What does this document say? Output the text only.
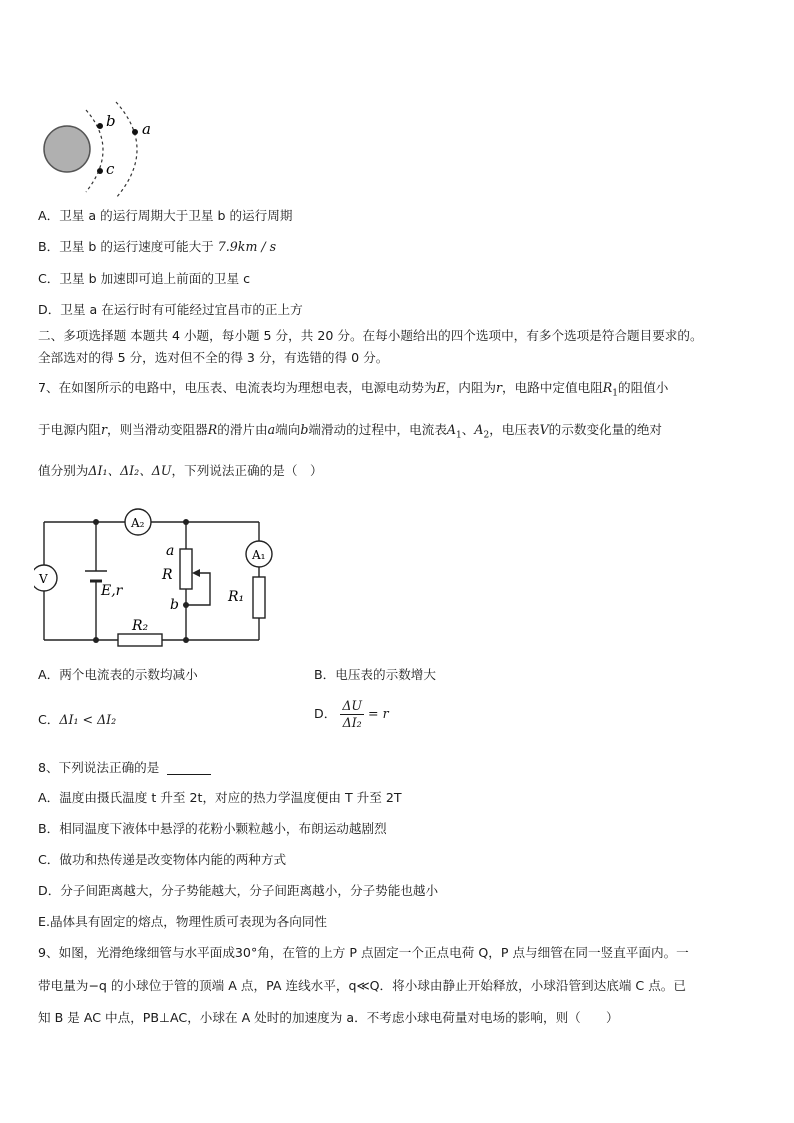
b
c
a
A．卫星 a 的运行周期大于卫星 b 的运行周期
B．卫星 b 的运行速度可能大于 7.9km / s
C．卫星 b 加速即可追上前面的卫星 c
D．卫星 a 在运行时有可能经过宜昌市的正上方
二、多项选择题 本题共 4 小题，每小题 5 分，共 20 分。在每小题给出的四个选项中，有多个选项是符合题目要求的。
全部选对的得 5 分，选对但不全的得 3 分，有选错的得 0 分。
7、在如图所示的电路中，电压表、电流表均为理想电表，电源电动势为E，内阻为r，电路中定值电阻$R_1$的阻值小
于电源内阻r，则当滑动变阻器R的滑片由a端向b端滑动的过程中，电流表$A_1$、$A_2$，电压表V的示数变化量的绝对
值分别为ΔI₁、ΔI₂、ΔU，下列说法正确的是（　）
A₂
A₁
V
E,r
a
R
b	R₁
R₂
A．两个电流表的示数均减小	B．电压表的示数增大
C．ΔI₁ < ΔI₂	D． $\frac{\Delta U}{\text{ΔI₂}} = r$
8、下列说法正确的是
A．温度由摄氏温度 t 升至 2t，对应的热力学温度便由 T 升至 2T
B．相同温度下液体中悬浮的花粉小颗粒越小，布朗运动越剧烈
C．做功和热传递是改变物体内能的两种方式
D．分子间距离越大，分子势能越大，分子间距离越小，分子势能也越小
E.晶体具有固定的熔点，物理性质可表现为各向同性
9、如图，光滑绝缘细管与水平面成30°角，在管的上方 P 点固定一个正点电荷 Q，P 点与细管在同一竖直平面内。一
带电量为−q 的小球位于管的顶端 A 点，PA 连线水平，q≪Q．将小球由静止开始释放，小球沿管到达底端 C 点。已
知 B 是 AC 中点，PB⊥AC，小球在 A 处时的加速度为 a．不考虑小球电荷量对电场的影响，则（　　）
